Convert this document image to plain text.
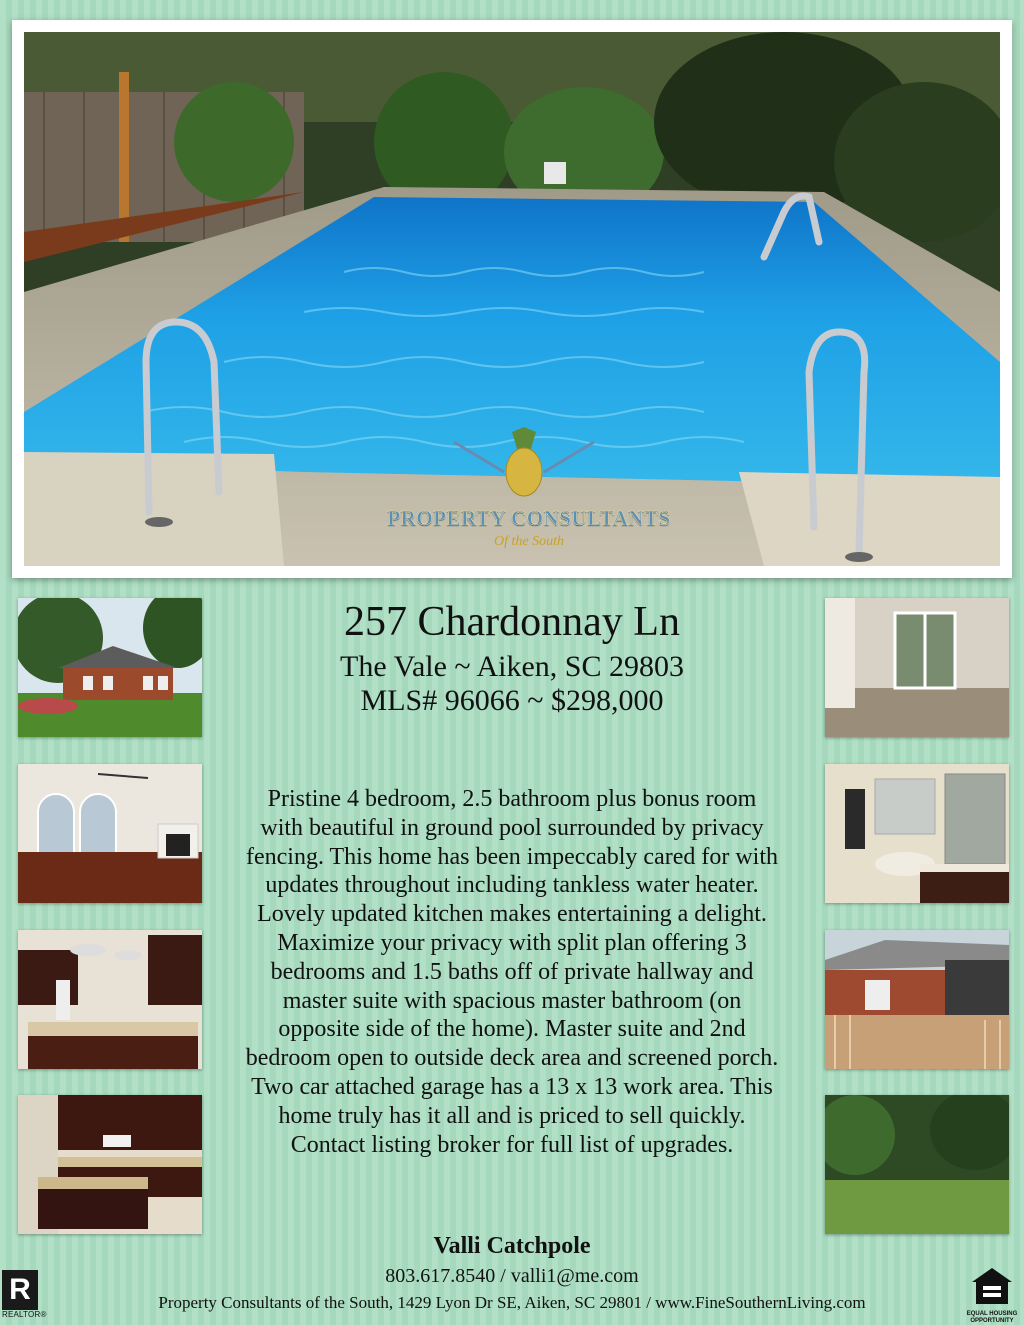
PROPERTY CONSULTANTS
Of the South
257 Chardonnay Ln
The Vale ~ Aiken, SC 29803
MLS# 96066 ~ $298,000
Pristine 4 bedroom, 2.5 bathroom plus bonus room
with beautiful in ground pool surrounded by privacy
fencing. This home has been impeccably cared for with
updates throughout including tankless water heater.
Lovely updated kitchen makes entertaining a delight.
Maximize your privacy with split plan offering 3
bedrooms and 1.5 baths off of private hallway and
master suite with spacious master bathroom (on
opposite side of the home). Master suite and 2nd
bedroom open to outside deck area and screened porch.
Two car attached garage has a 13 x 13 work area. This
home truly has it all and is priced to sell quickly.
Contact listing broker for full list of upgrades.
Valli Catchpole
803.617.8540 / valli1@me.com
Property Consultants of the South, 1429 Lyon Dr SE, Aiken, SC 29801 / www.FineSouthernLiving.com
R
REALTOR®	EQUAL HOUSING
OPPORTUNITY
